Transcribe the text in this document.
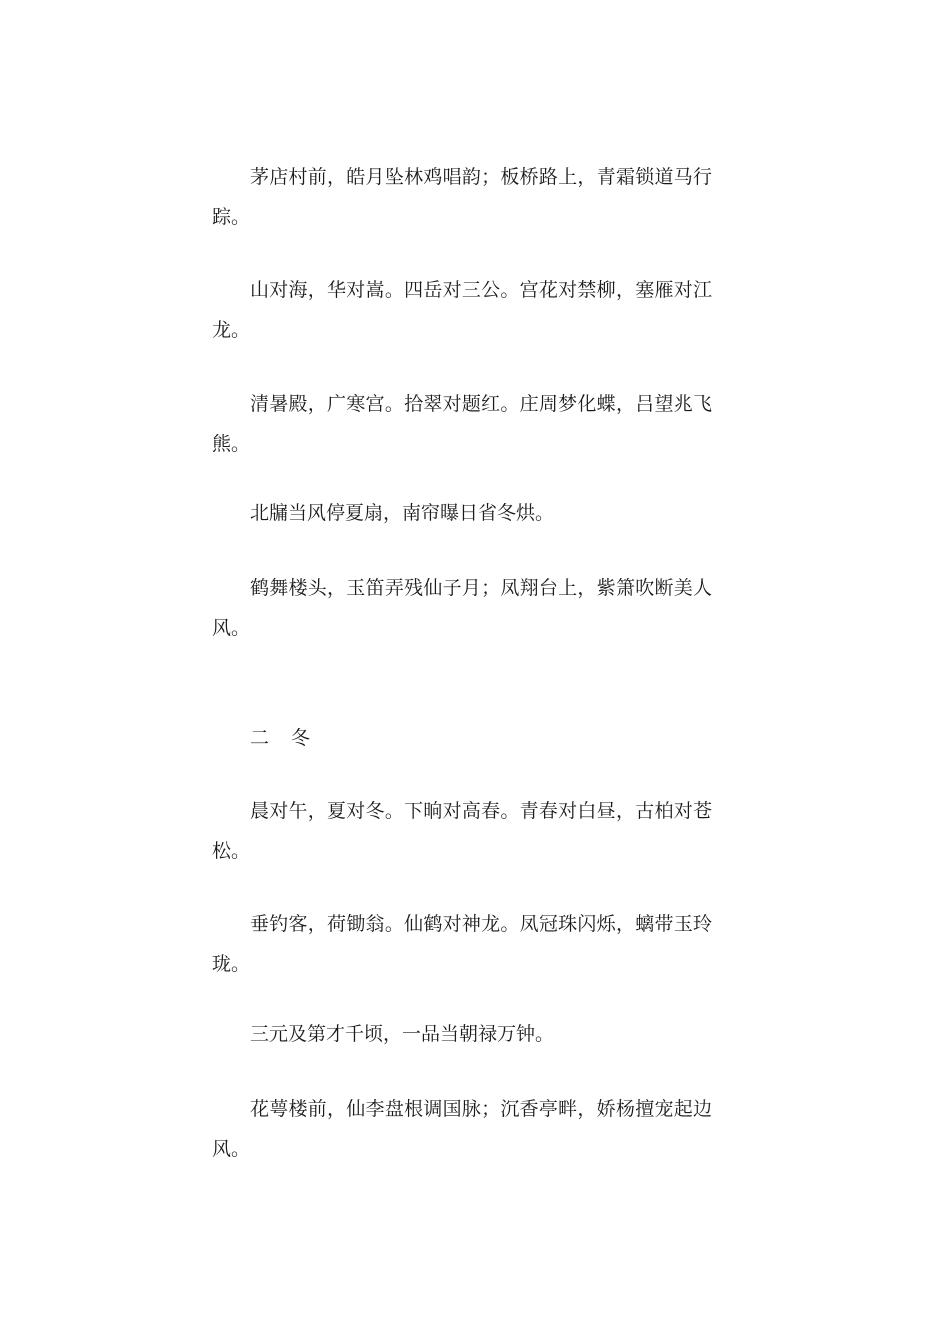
茅店村前，皓月坠林鸡唱韵；板桥路上，青霜锁道马行踪。

山对海，华对嵩。四岳对三公。宫花对禁柳，塞雁对江龙。

清暑殿，广寒宫。拾翠对题红。庄周梦化蝶，吕望兆飞熊。

北牖当风停夏扇，南帘曝日省冬烘。

鹤舞楼头，玉笛弄残仙子月；凤翔台上，紫箫吹断美人风。

二 冬

晨对午，夏对冬。下晌对高春。青春对白昼，古柏对苍松。

垂钓客，荷锄翁。仙鹤对神龙。凤冠珠闪烁，螭带玉玲珑。

三元及第才千顷，一品当朝禄万钟。

花萼楼前，仙李盘根调国脉；沉香亭畔，娇杨擅宠起边风。
